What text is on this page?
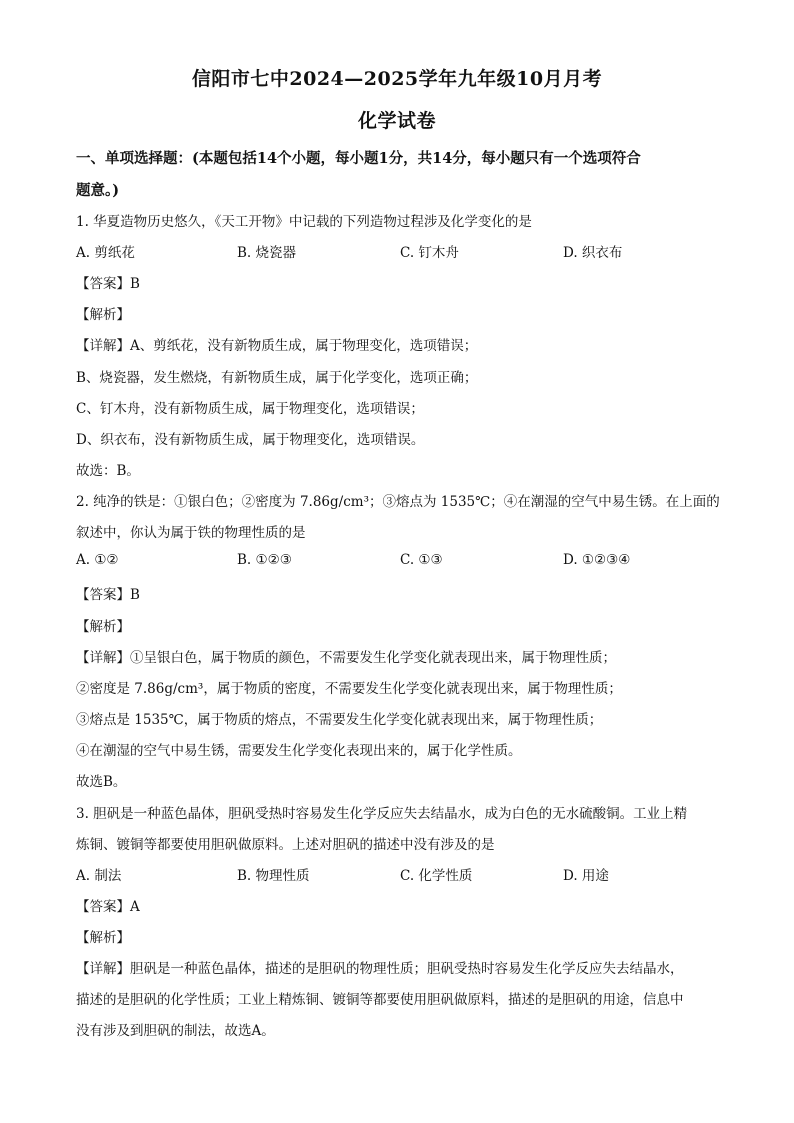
信阳市七中2024—2025学年九年级10月月考
化学试卷
一、单项选择题：(本题包括14个小题，每小题1分，共14分，每小题只有一个选项符合
题意。)
1. 华夏造物历史悠久，《天工开物》中记载的下列造物过程涉及化学变化的是
A. 剪纸花	B. 烧瓷器	C. 钉木舟	D. 织衣布
【答案】B
【解析】
【详解】A、剪纸花，没有新物质生成，属于物理变化，选项错误；
B、烧瓷器，发生燃烧，有新物质生成，属于化学变化，选项正确；
C、钉木舟，没有新物质生成，属于物理变化，选项错误；
D、织衣布，没有新物质生成，属于物理变化，选项错误。
故选：B。
2. 纯净的铁是：①银白色；②密度为 7.86g/cm³；③熔点为 1535℃；④在潮湿的空气中易生锈。在上面的
叙述中，你认为属于铁的物理性质的是
A. ①②	B. ①②③	C. ①③	D. ①②③④
【答案】B
【解析】
【详解】①呈银白色，属于物质的颜色，不需要发生化学变化就表现出来，属于物理性质；
②密度是 7.86g/cm³，属于物质的密度，不需要发生化学变化就表现出来，属于物理性质；
③熔点是 1535℃，属于物质的熔点，不需要发生化学变化就表现出来，属于物理性质；
④在潮湿的空气中易生锈，需要发生化学变化表现出来的，属于化学性质。
故选B。
3. 胆矾是一种蓝色晶体，胆矾受热时容易发生化学反应失去结晶水，成为白色的无水硫酸铜。工业上精
炼铜、镀铜等都要使用胆矾做原料。上述对胆矾的描述中没有涉及的是
A. 制法	B. 物理性质	C. 化学性质	D. 用途
【答案】A
【解析】
【详解】胆矾是一种蓝色晶体，描述的是胆矾的物理性质；胆矾受热时容易发生化学反应失去结晶水，
描述的是胆矾的化学性质；工业上精炼铜、镀铜等都要使用胆矾做原料，描述的是胆矾的用途，信息中
没有涉及到胆矾的制法，故选A。
